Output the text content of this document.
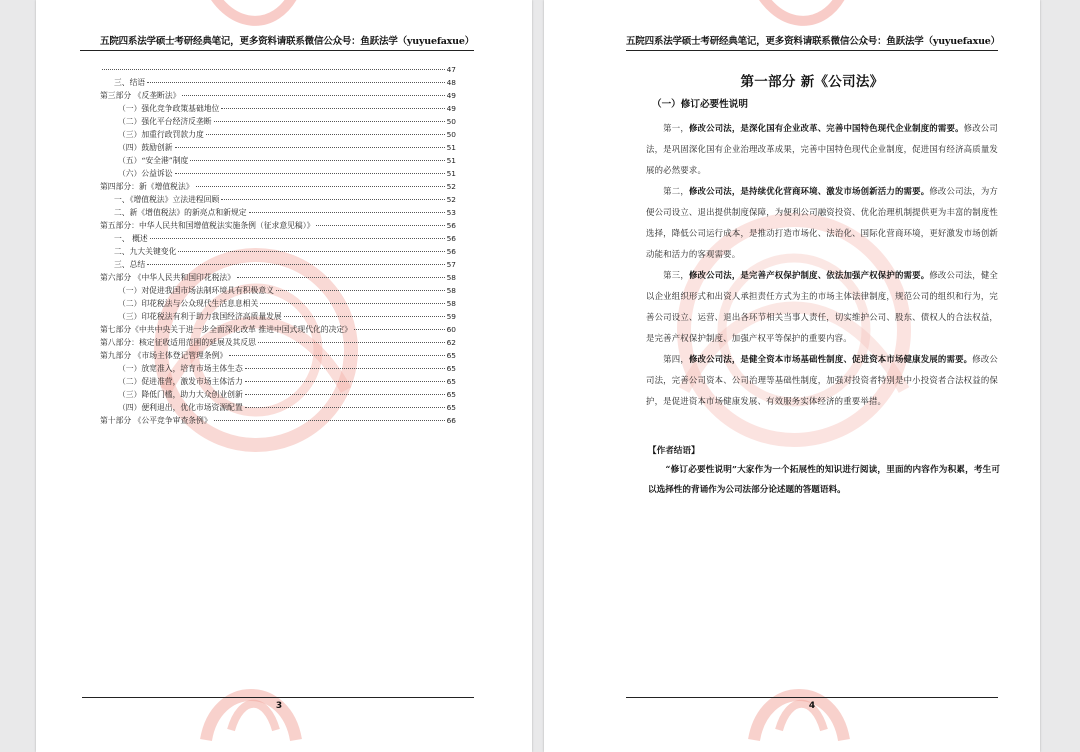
五院四系法学硕士考研经典笔记，更多资料请联系微信公众号：鱼跃法学（yuyuefaxue）
47
三、结语	48
第三部分 《反垄断法》	49
（一）强化竞争政策基础地位	49
（二）强化平台经济反垄断	50
（三）加重行政罚款力度	50
（四）鼓励创新	51
（五）“安全港”制度	51
（六）公益诉讼	51
第四部分：新《增值税法》	52
一、《增值税法》立法进程回顾	52
二、新《增值税法》的新亮点和新规定	53
第五部分：中华人民共和国增值税法实施条例（征求意见稿）》	56
一、 概述	56
二、九大关键变化	56
三、总结	57
第六部分 《中华人民共和国印花税法》	58
（一）对促进我国市场法制环境具有积极意义	58
（二）印花税法与公众现代生活息息相关	58
（三）印花税法有利于助力我国经济高质量发展	59
第七部分《中共中央关于进一步全面深化改革 推进中国式现代化的决定》	60
第八部分：核定征收适用范围的延展及其反思	62
第九部分 《市场主体登记管理条例》	65
（一）放宽准入，培育市场主体生态	65
（二）促进准营，激发市场主体活力	65
（三）降低门槛，助力大众创业创新	65
（四）便利退出，优化市场资源配置	65
第十部分 《公平竞争审查条例》	66
3
五院四系法学硕士考研经典笔记，更多资料请联系微信公众号：鱼跃法学（yuyuefaxue）
第一部分 新《公司法》
（一）修订必要性说明
　　第一，修改公司法，是深化国有企业改革、完善中国特色现代企业制度的需要。修改公司法，是巩固深化国有企业治理改革成果，完善中国特色现代企业制度，促进国有经济高质量发展的必然要求。
　　第二，修改公司法，是持续优化营商环境、激发市场创新活力的需要。修改公司法，为方便公司设立、退出提供制度保障，为便利公司融资投资、优化治理机制提供更为丰富的制度性选择，降低公司运行成本，是推动打造市场化、法治化、国际化营商环境，更好激发市场创新动能和活力的客观需要。
　　第三，修改公司法，是完善产权保护制度、依法加强产权保护的需要。修改公司法，健全以企业组织形式和出资人承担责任方式为主的市场主体法律制度，规范公司的组织和行为，完善公司设立、运营、退出各环节相关当事人责任，切实维护公司、股东、债权人的合法权益，是完善产权保护制度、加强产权平等保护的重要内容。
　　第四，修改公司法，是健全资本市场基础性制度、促进资本市场健康发展的需要。修改公司法，完善公司资本、公司治理等基础性制度，加强对投资者特别是中小投资者合法权益的保护，是促进资本市场健康发展、有效服务实体经济的重要举措。
【作者结语】
　　“修订必要性说明”大家作为一个拓展性的知识进行阅读，里面的内容作为积累，考生可以选择性的背诵作为公司法部分论述题的答题语料。
4
